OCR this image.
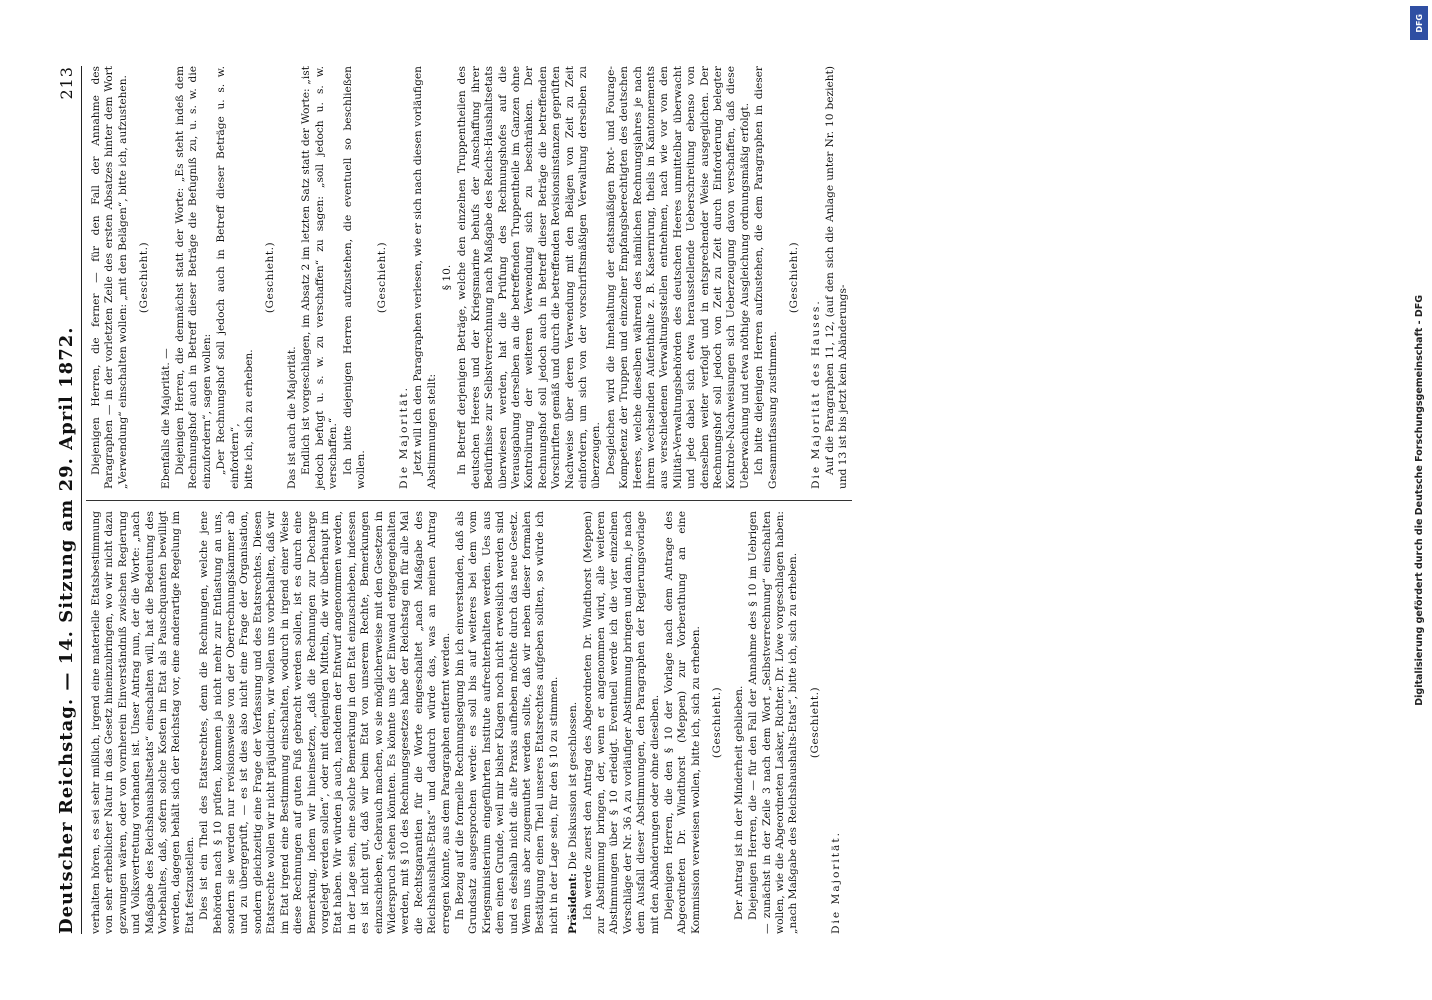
Deutscher Reichstag. — 14. Sitzung am 29. April 1872.
213

verhalten hören, es sei sehr mißlich, irgend eine materielle Etatsbestimmung von sehr erheblicher Natur in das Gesetz hineinzubringen, wo wir nicht dazu gezwungen wären, oder von vornherein Einverständniß zwischen Regierung und Volksvertretung vorhanden ist. Unser Antrag nun, der die Worte: „nach Maßgabe des Reichshaushaltsetats“ einschalten will, hat die Bedeutung des Vorbehaltes, daß, sofern solche Kosten im Etat als Pauschquanten bewilligt werden, dagegen behält sich der Reichstag vor, eine anderartige Regelung im Etat festzustellen. Dies ist ein Theil des Etatsrechtes, denn die Rechnungen, welche jene Behörden nach § 10 prüfen, kommen ja nicht mehr zur Entlastung an uns, sondern sie werden nur revisionsweise von der Oberrechnungskammer ab und zu übergeprüft, — es ist dies also nicht eine Frage der Organisation, sondern gleichzeitig eine Frage der Verfassung und des Etatsrechtes. Diesen Etatsrechte wollen wir nicht präjudiciren, wir wollen uns vorbehalten, daß wir im Etat irgend eine Bestimmung einschalten, wodurch in irgend einer Weise diese Rechnungen auf guten Fuß gebracht werden sollen, ist es durch eine Bemerkung, indem wir hineinsetzen, „daß die Rechnungen zur Decharge vorgelegt werden sollen“, oder mit denjenigen Mitteln, die wir überhaupt im Etat haben. Wir würden ja auch, nachdem der Entwurf angenommen werden, in der Lage sein, eine solche Bemerkung in den Etat einzuschieben, indessen es ist nicht gut, daß wir beim Etat von unserem Rechte, Bemerkungen einzuschieben, Gebrauch machen, wo sie möglicherweise mit den Gesetzen in Widerspruch stehen könnten. Es könnte uns der Einwand entgegengehalten werden, mit § 10 des Rechnungsgesetzes habe der Reichstag ein für alle Mal die Rechtsgarantien für die Worte eingeschaltet „nach Maßgabe des Reichshaushalts-Etats“ und dadurch würde das, was an meinen Antrag erregen könnte, aus dem Paragraphen entfernt werden. In Bezug auf die formelle Rechnungslegung bin ich einverstanden, daß als Grundsatz ausgesprochen werde: es soll bis auf weiteres bei dem vom Kriegsministerium eingeführten Institute aufrechterhalten werden. Ues aus dem einen Grunde, weil mir bisher Klagen noch nicht erweislich werden sind und es deshalb nicht die alte Praxis aufheben möchte durch das neue Gesetz. Wenn uns aber zugemuthet werden sollte, daß wir neben dieser formalen Bestätigung einen Theil unseres Etatsrechtes aufgeben sollten, so würde ich nicht in der Lage sein, für den § 10 zu stimmen. Präsident: Die Diskussion ist geschlossen. Ich werde zuerst den Antrag des Abgeordneten Dr. Windthorst (Meppen) zur Abstimmung bringen, der, wenn er angenommen wird, alle weiteren Abstimmungen über § 10 erledigt. Eventuell werde ich die vier einzelnen Vorschläge der Nr. 36 A zu vorläufiger Abstimmung bringen und dann, je nach dem Ausfall dieser Abstimmungen, den Paragraphen der Regierungsvorlage mit den Abänderungen oder ohne dieselben. Diejenigen Herren, die den § 10 der Vorlage nach dem Antrage des Abgeordneten Dr. Windthorst (Meppen) zur Vorberathung an eine Kommission verweisen wollen, bitte ich, sich zu erheben. (Geschieht.) Der Antrag ist in der Minderheit geblieben. Diejenigen Herren, die — für den Fall der Annahme des § 10 im Uebrigen — zunächst in der Zeile 3 nach dem Wort „Selbstverrechnung“ einschalten wollen, wie die Abgeordneten Lasker, Richter, Dr. Löwe vorgeschlagen haben: „nach Maßgabe des Reichshaushalts-Etats“, bitte ich, sich zu erheben. (Geschieht.)

Die Majorität.

Diejenigen Herren, die ferner — für den Fall der Annahme des Paragraphen — in der vorletzten Zeile des ersten Absatzes hinter dem Wort „Verwendung“ einschalten wollen: „mit den Belägen“, bitte ich, aufzustehen. (Geschieht.)

Ebenfalls die Majorität. — Diejenigen Herren, die demnächst statt der Worte: „Es steht indeß dem Rechnungshof auch in Betreff dieser Beträge die Befugniß zu, u. s. w. die einzufordern“, sagen wollen: „Der Rechnungshof soll jedoch auch in Betreff dieser Beträge u. s. w. einfordern“, bitte ich, sich zu erheben.

(Geschieht.)

Das ist auch die Majorität. Endlich ist vorgeschlagen, im Absatz 2 im letzten Satz statt der Worte: „ist jedoch befugt u. s. w. zu verschaffen“ zu sagen: „soll jedoch u. s. w. verschaffen.“ Ich bitte diejenigen Herren aufzustehen, die eventuell so beschließen wollen.

(Geschieht.)

Die Majorität. Jetzt will ich den Paragraphen verlesen, wie er sich nach diesen vorläufigen Abstimmungen stellt:

§ 10. In Betreff derjenigen Beträge, welche den einzelnen Truppentheilen des deutschen Heeres und der Kriegsmarine behufs der Anschaffung ihrer Bedürfnisse zur Selbstverrechnung nach Maßgabe des Reichs-Haushaltsetats überwiesen werden, hat die Prüfung des Rechnungshofes auf die Verausgabung derselben an die betreffenden Truppentheile im Ganzen ohne Kontrolirung der weiteren Verwendung sich zu beschränken. Der Rechnungshof soll jedoch auch in Betreff dieser Beträge die betreffenden Vorschriften gemäß und durch die betreffenden Revisionsinstanzen geprüften Nachweise über deren Verwendung mit den Belägen von Zeit zu Zeit einfordern, um sich von der vorschriftsmäßigen Verwaltung derselben zu überzeugen. Desgleichen wird die Innehaltung der etatsmäßigen Brot- und Fourage-Kompetenz der Truppen und einzelner Empfangsberechtigten des deutschen Heeres, welche dieselben während des nämlichen Rechnungsjahres je nach ihrem wechselnden Aufenthalte z. B. Kasernirung, theils in Kantonnements aus verschiedenen Verwaltungsstellen entnehmen, nach wie vor von den Militär-Verwaltungsbehörden des deutschen Heeres unmittelbar überwacht und jede dabei sich etwa herausstellende Ueberschreitung ebenso von denselben weiter verfolgt und in entsprechender Weise ausgeglichen. Der Rechnungshof soll jedoch von Zeit zu Zeit durch Einforderung belegter Kontrole-Nachweisungen sich Ueberzeugung davon verschaffen, daß diese Ueberwachung und etwa nöthige Ausgleichung ordnungsmäßig erfolgt. Ich bitte diejenigen Herren aufzustehen, die dem Paragraphen in dieser Gesammtfassung zustimmen.

(Geschieht.)

Die Majorität des Hauses. Auf die Paragraphen 11, 12, (auf den sich die Anlage unter Nr. 10 bezieht) und 13 ist bis jetzt kein Abänderungs-

DFG
Digitalisierung gefördert durch die Deutsche Forschungsgemeinschaft - DFG
